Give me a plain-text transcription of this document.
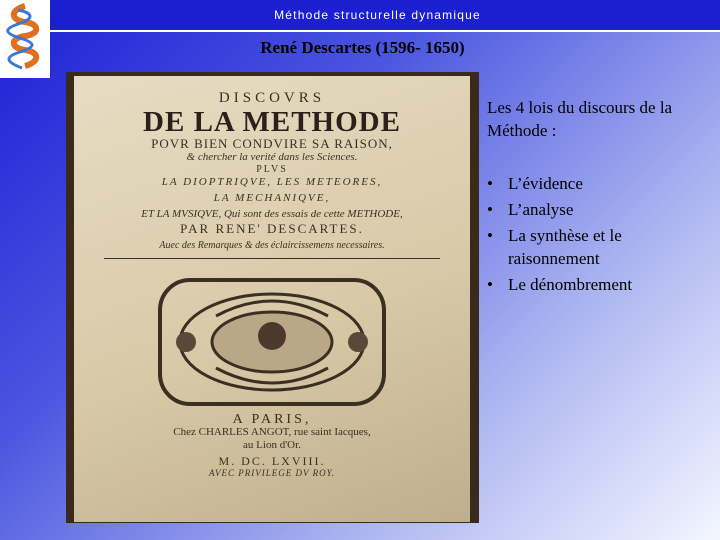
Méthode structurelle dynamique
René Descartes (1596- 1650)
DISCOVRS
DE LA METHODE
POVR BIEN CONDVIRE SA RAISON,
& chercher la verité dans les Sciences.
PLVS
LA DIOPTRIQVE, LES METEORES,
LA MECHANIQVE,
ET LA MVSIQVE, Qui sont des essais de cette METHODE,
PAR RENE' DESCARTES.
Auec des Remarques & des éclaircissemens necessaires.
A PARIS,
Chez CHARLES ANGOT, rue saint Iacques,
au Lion d'Or.
M. DC. LXVIII.
AVEC PRIVILEGE DV ROY.

Les 4 lois du discours de la Méthode :

• L’évidence
• L’analyse
• La synthèse et le raisonnement
• Le dénombrement
